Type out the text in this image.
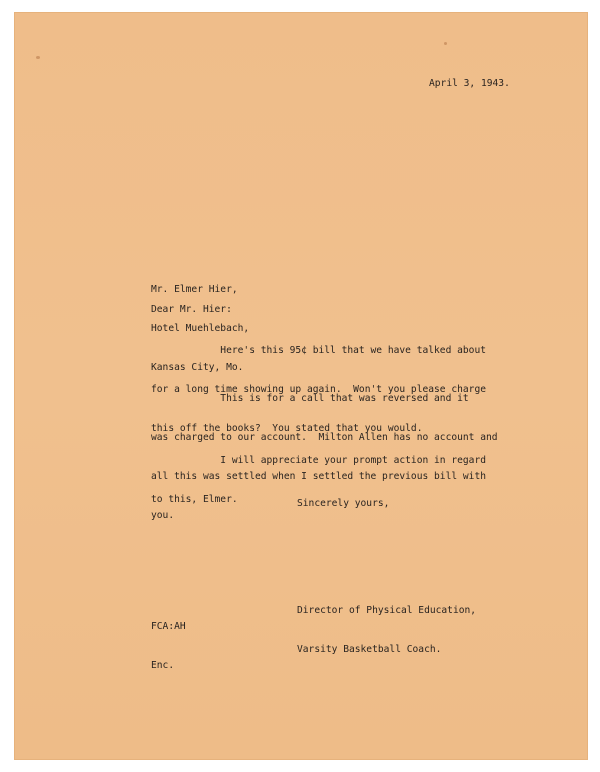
April 3, 1943.

Mr. Elmer Hier,

Hotel Muehlebach,

Kansas City, Mo.

Dear Mr. Hier:

Here's this 95¢ bill that we have talked about

for a long time showing up again.  Won't you please charge

this off the books?  You stated that you would.

This is for a call that was reversed and it

was charged to our account.  Milton Allen has no account and

all this was settled when I settled the previous bill with

you.

I will appreciate your prompt action in regard

to this, Elmer.

	Sincerely yours,

Director of Physical Education,

Varsity Basketball Coach.

FCA:AH

Enc.
